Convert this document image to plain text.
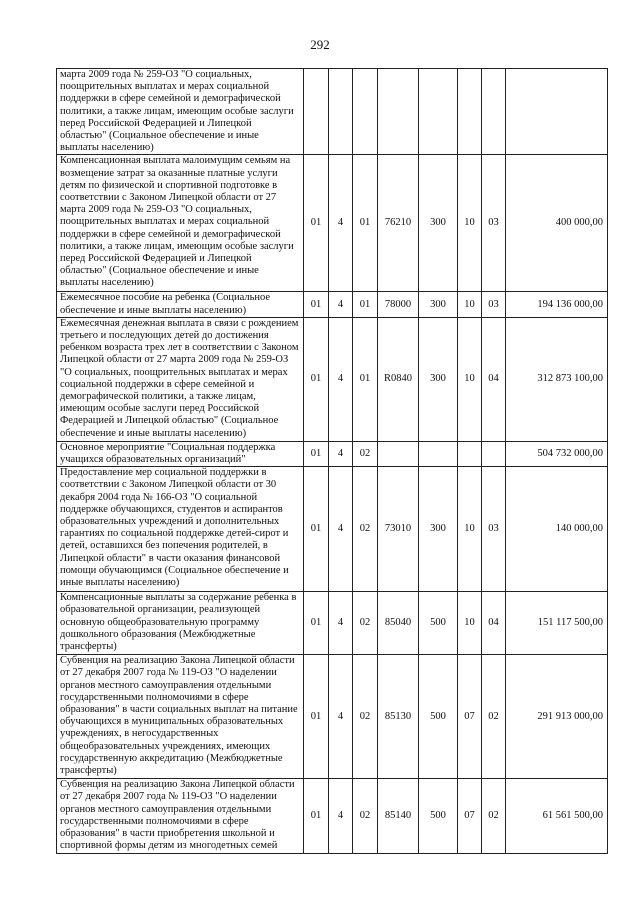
292
марта 2009 года № 259-ОЗ "О социальных, поощрительных выплатах и мерах социальной поддержки в сфере семейной и демографической политики, а также лицам, имеющим особые заслуги перед Российской Федерацией и Липецкой областью" (Социальное обеспечение и иные выплаты населению)								
Компенсационная выплата малоимущим семьям на возмещение затрат за оказанные платные услуги детям по физической и спортивной подготовке в соответствии с Законом Липецкой области от 27 марта 2009 года № 259-ОЗ "О социальных, поощрительных выплатах и мерах социальной поддержки в сфере семейной и демографической политики, а также лицам, имеющим особые заслуги перед Российской Федерацией и Липецкой областью" (Социальное обеспечение и иные выплаты населению)	01	4	01	76210	300	10	03	400 000,00
Ежемесячное пособие на ребенка (Социальное обеспечение и иные выплаты населению)	01	4	01	78000	300	10	03	194 136 000,00
Ежемесячная денежная выплата в связи с рождением третьего и последующих детей до достижения ребенком возраста трех лет в соответствии с Законом Липецкой области от 27 марта 2009 года № 259-ОЗ "О социальных, поощрительных выплатах и мерах социальной поддержки в сфере семейной и демографической политики, а также лицам, имеющим особые заслуги перед Российской Федерацией и Липецкой областью" (Социальное обеспечение и иные выплаты населению)	01	4	01	R0840	300	10	04	312 873 100,00
Основное мероприятие "Социальная поддержка учащихся образовательных организаций"	01	4	02					504 732 000,00
Предоставление мер социальной поддержки в соответствии с Законом Липецкой области от 30 декабря 2004 года № 166-ОЗ "О социальной поддержке обучающихся, студентов и аспирантов образовательных учреждений и дополнительных гарантиях по социальной поддержке детей-сирот и детей, оставшихся без попечения родителей, в Липецкой области" в части оказания финансовой помощи обучающимся (Социальное обеспечение и иные выплаты населению)	01	4	02	73010	300	10	03	140 000,00
Компенсационные выплаты за содержание ребенка в образовательной организации, реализующей основную общеобразовательную программу дошкольного образования (Межбюджетные трансферты)	01	4	02	85040	500	10	04	151 117 500,00
Субвенция на реализацию Закона Липецкой области от 27 декабря 2007 года № 119-ОЗ "О наделении органов местного самоуправления отдельными государственными полномочиями в сфере образования" в части социальных выплат на питание обучающихся в муниципальных образовательных учреждениях, в негосударственных общеобразовательных учреждениях, имеющих государственную аккредитацию (Межбюджетные трансферты)	01	4	02	85130	500	07	02	291 913 000,00
Субвенция на реализацию Закона Липецкой области от 27 декабря 2007 года № 119-ОЗ "О наделении органов местного самоуправления отдельными государственными полномочиями в сфере образования" в части приобретения школьной и спортивной формы детям из многодетных семей	01	4	02	85140	500	07	02	61 561 500,00
